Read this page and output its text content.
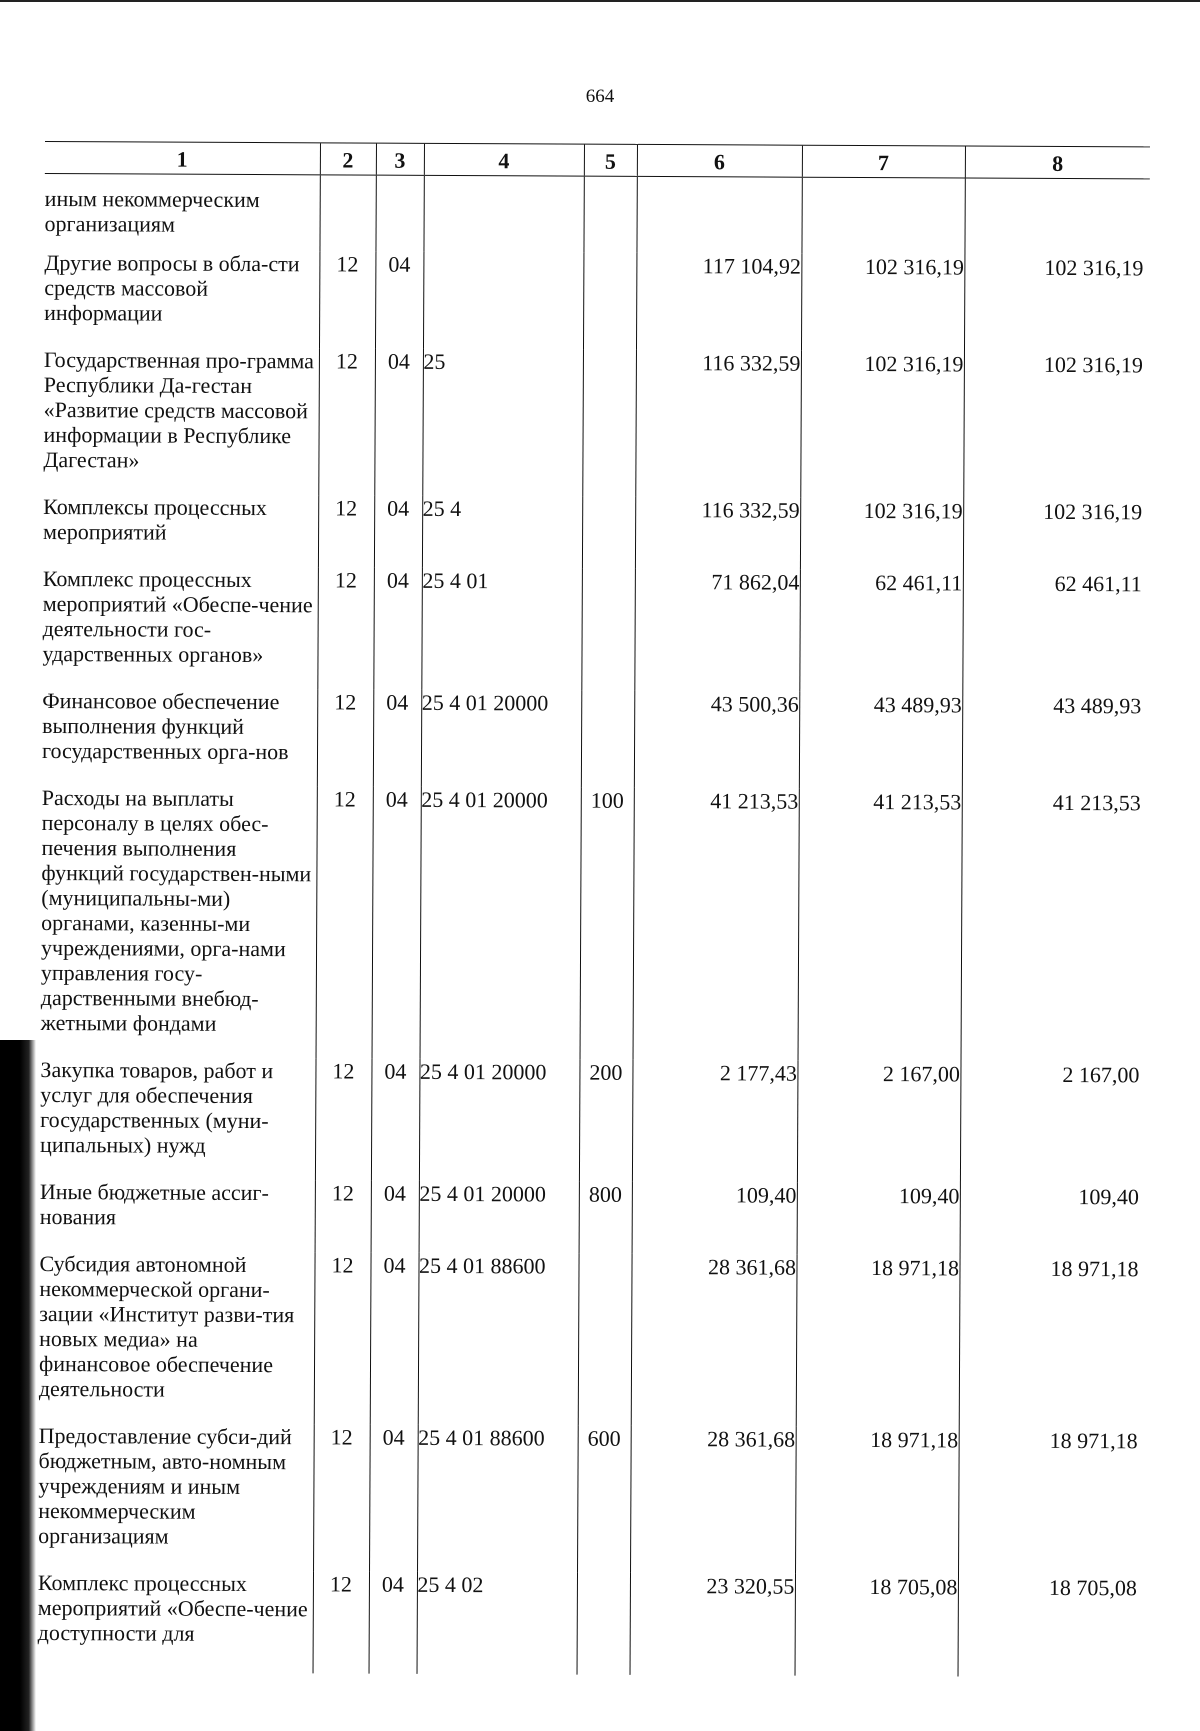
664
1	2	3	4	5	6	7	8
иным некоммерческим организациям							
Другие вопросы в обла-сти средств массовой информации	12	04			117 104,92	102 316,19	102 316,19
Государственная про-грамма Республики Да-гестан «Развитие средств массовой информации в Республике Дагестан»	12	04	25		116 332,59	102 316,19	102 316,19
Комплексы процессных мероприятий	12	04	25 4		116 332,59	102 316,19	102 316,19
Комплекс процессных мероприятий «Обеспе-чение деятельности гос-ударственных органов»	12	04	25 4 01		71 862,04	62 461,11	62 461,11
Финансовое обеспечение выполнения функций государственных орга-нов	12	04	25 4 01 20000		43 500,36	43 489,93	43 489,93
Расходы на выплаты персоналу в целях обес-печения выполнения функций государствен-ными (муниципальны-ми) органами, казенны-ми учреждениями, орга-нами управления госу-дарственными внебюд-жетными фондами	12	04	25 4 01 20000	100	41 213,53	41 213,53	41 213,53
Закупка товаров, работ и услуг для обеспечения государственных (муни-ципальных) нужд	12	04	25 4 01 20000	200	2 177,43	2 167,00	2 167,00
Иные бюджетные ассиг-нования	12	04	25 4 01 20000	800	109,40	109,40	109,40
Субсидия автономной некоммерческой органи-зации «Институт разви-тия новых медиа» на финансовое обеспечение деятельности	12	04	25 4 01 88600		28 361,68	18 971,18	18 971,18
Предоставление субси-дий бюджетным, авто-номным учреждениям и иным некоммерческим организациям	12	04	25 4 01 88600	600	28 361,68	18 971,18	18 971,18
Комплекс процессных мероприятий «Обеспе-чение доступности для	12	04	25 4 02		23 320,55	18 705,08	18 705,08
